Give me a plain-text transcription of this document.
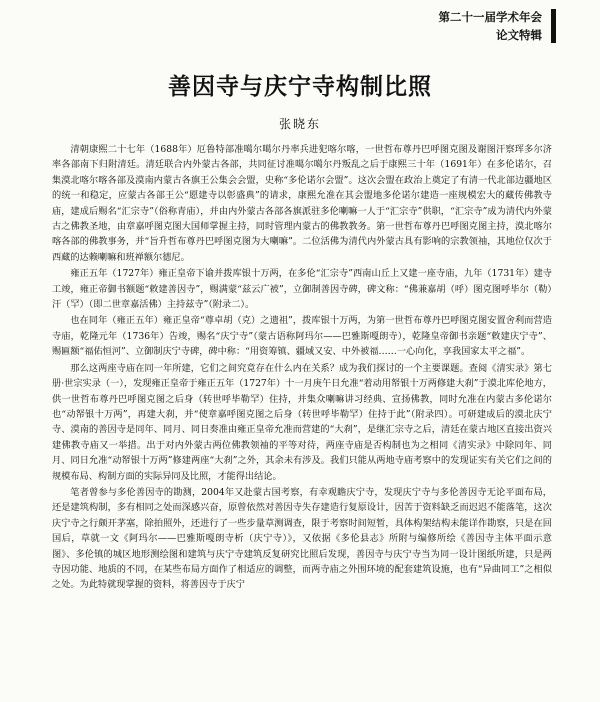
第二十一届学术年会
论文特辑
善因寺与庆宁寺构制比照
张晓东

清朝康熙二十七年（1688年）厄鲁特部准噶尔噶尔丹率兵进犯喀尔喀，一世哲布尊丹巴呼图克图及谢图汗察珲多尔济率各部南下归附清廷。清廷联合内外蒙古各部，共同征讨准噶尔噶尔丹叛乱之后于康熙三十年（1691年）在多伦诺尔，召集漠北喀尔喀各部及漠南内蒙古各旗王公集会会盟，史称“多伦诺尔会盟”。这次会盟在政治上奠定了有清一代北部边疆地区的统一和稳定，应蒙古各部王公“愿建寺以彰盛典”的请求，康熙允准在其会盟地多伦诺尔建造一座规模宏大的藏传佛教寺庙，建成后赐名“汇宗寺”（俗称青庙），并由内外蒙古各部各旗派驻多伦喇嘛一人于“汇宗寺”供职，“汇宗寺”成为清代内外蒙古之佛教圣地，由章嘉呼图克图大国师掌握主持，同时管理内蒙古的佛教教务。第一世哲布尊丹巴呼图克图主持，漠北喀尔喀各部的佛教事务，并“旨升哲布尊丹巴呼图克图为大喇嘛”。二位活佛为清代内外蒙古具有影响的宗教领袖，其地位仅次于西藏的达赖喇嘛和班禅额尔德尼。

雍正五年（1727年）雍正皇帝下谕并拨库银十万两，在多伦“汇宗寺”西南山丘上又建一座寺庙，九年（1731年）建寺工竣，雍正帝御书额题“敕建善因寺”，赐满蒙“兹云广被”，立御制善因寺碑，碑文称：“佛兼嘉胡（呼）图克图呼毕尔（勒）汗（罕）（即二世章嘉活佛）主持兹寺”（附录二）。

也在同年（雍正五年）雍正皇帝“尊卓胡（克）之遗祖”，拨库银十万两，为第一世哲布尊丹巴呼图克图安置舍利而营造寺庙，乾隆元年（1736年）告竣，赐名“庆宁寺”（蒙古语称阿玛尔——巴雅斯嘎朗寺），乾隆皇帝御书亲题“敕建庆宁寺”、赐匾额“福佑恒河”、立御制庆宁寺碑，碑中称：“用资筹镇、疆域又安、中外被福……一心向化，享我国家太平之福”。

那么这两座寺庙在同一年所建，它们之间究竟存在什么内在关系？成为我们探讨的一个主要课题。查阅《清实录》第七册·世宗实录（一），发现雍正皇帝于雍正五年（1727年）十一月庚午日允准“着动用帑银十万两修建大刹”于漠北库伦地方，供一世哲布尊丹巴呼图克图之后身（转世呼毕勒罕）住持，并集众喇嘛讲习经典、宣扬佛教，同时允准在内蒙古多伦诺尔也“动帑银十万两”，再建大刹，并“使章嘉呼图克图之后身（转世呼毕勒罕）住持于此”（附录四）。可研建成后的漠北庆宁寺、漠南的善因寺是同年、同月、同日奏准由雍正皇帝允准而营建的“大刹”，是继汇宗寺之后，清廷在蒙古地区直接出资兴建佛教寺庙又一举措。出于对内外蒙古两位佛教领袖的平等对待，两座寺庙是否构制也为之相同《清实录》中除同年、同月、同日允准“动帑银十万两”修建两座“大刹”之外，其余未有涉及。我们只能从两地寺庙考察中的发现证实有关它们之间的规模布局、构制方面的实际异同及比照，才能得出结论。

笔者曾参与多伦善因寺的勘测，2004年又赴蒙古国考察，有幸观瞻庆宁寺，发现庆宁寺与多伦善因寺无论平面布局，还是建筑构制，多有相同之处而深感兴奋，原曾依然对善因寺失存建造行复原设计，因苦于资料缺乏而迟迟不能落笔，这次庆宁寺之行颇开茅塞，除拍照外，还进行了一些步量草测调查，限于考察时间短暂，具体构架结构未能详作勘察，只是在回国后，草就一文《阿玛尔——巴雅斯嘎朗寺析（庆宁寺）》，又依据《多伦县志》所附与编修所绘《善因寺主体平面示意图》、多伦镇的城区地形测绘图和建筑与庆宁寺建筑反复研究比照后发现，善因寺与庆宁寺当为同一设计图纸所建，只是两寺因功能、地质的不同，在某些布局方面作了相适应的调整，而两寺庙之外围环境的配套建筑设施，也有“异曲同工”之相似之处。为此特就现掌握的资料，将善因寺于庆宁
